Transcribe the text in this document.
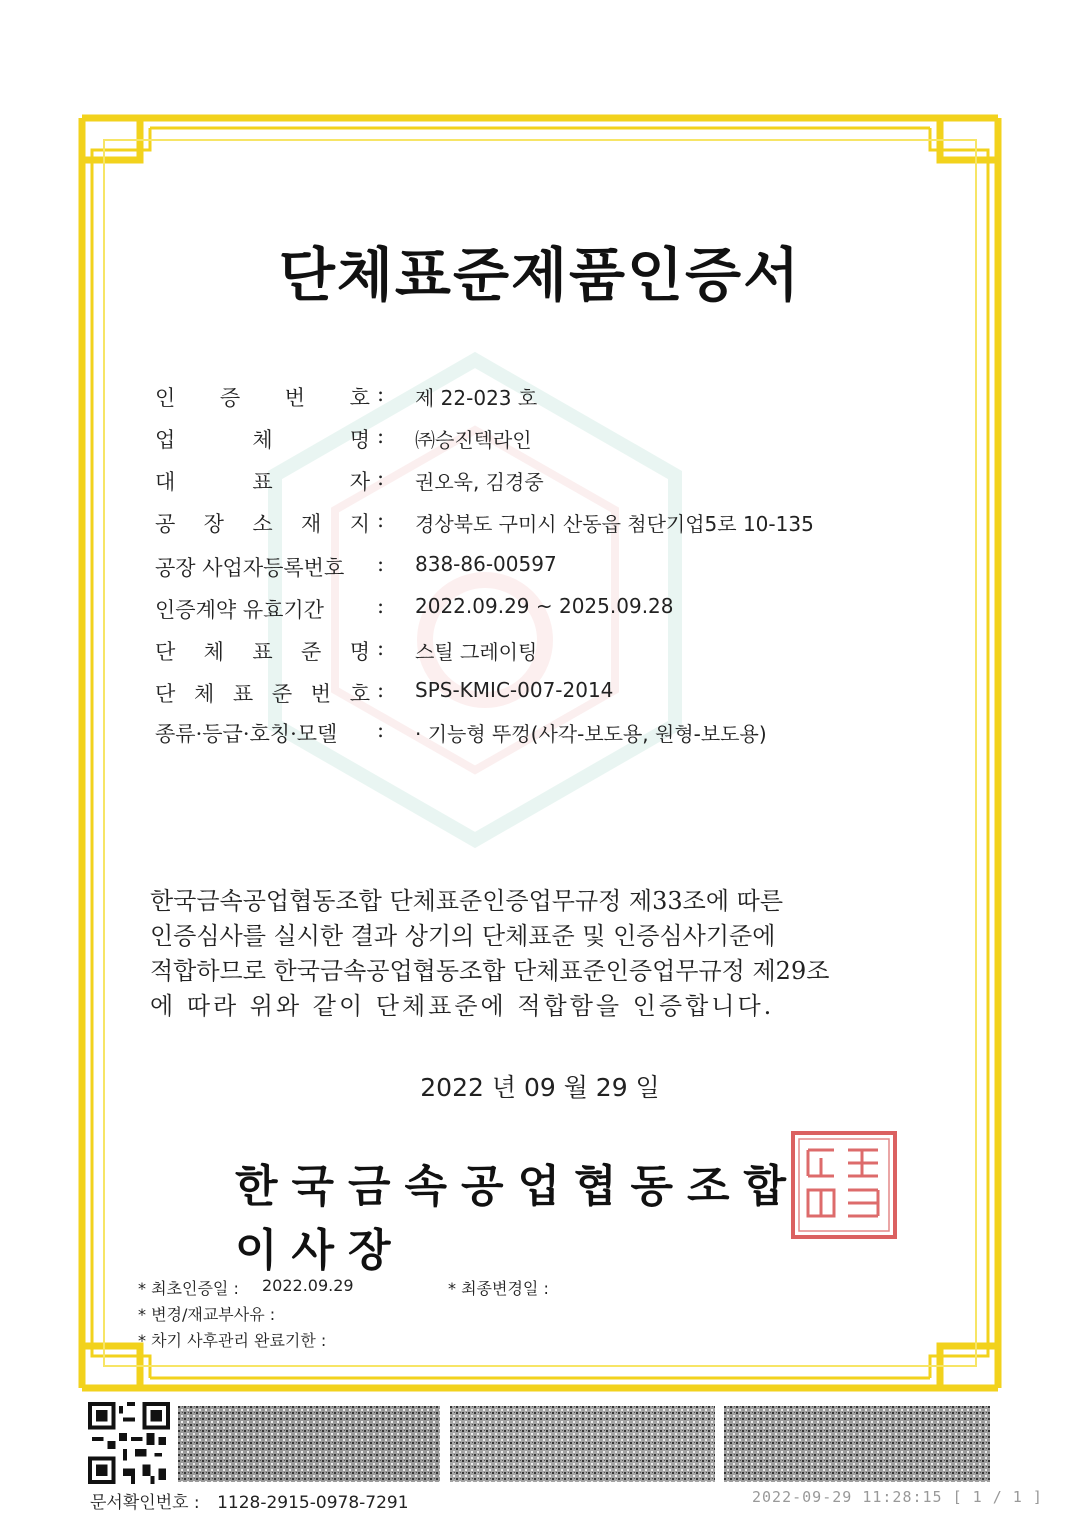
단체표준제품인증서
인 증 번 호 : 제 22-023 호
업	체	명 : ㈜승진텍라인
대	표	자 : 권오욱, 김경중
공 장 소 재 지 : 경상북도 구미시 산동읍 첨단기업5로 10-135
공장 사업자등록번호 : 838-86-00597
인증계약 유효기간	: 2022.09.29 ~ 2025.09.28
단 체 표 준 명 : 스틸 그레이팅
단 체 표 준 번 호 : SPS-KMIC-007-2014
종류·등급·호칭·모델 : · 기능형 뚜껑(사각-보도용, 원형-보도용)
한국금속공업협동조합 단체표준인증업무규정 제33조에 따른
인증심사를 실시한 결과 상기의 단체표준 및 인증심사기준에
적합하므로 한국금속공업협동조합 단체표준인증업무규정 제29조
에 따라 위와 같이 단체표준에 적합함을 인증합니다.
2022 년 09 월 29 일
한국금속공업협동조합이사장
* 최초인증일 : 2022.09.29	* 최종변경일 :
* 변경/재교부사유 :
* 차기 사후관리 완료기한 :
문서확인번호 : 1128-2915-0978-7291	2022-09-29 11:28:15 [ 1 / 1 ]
